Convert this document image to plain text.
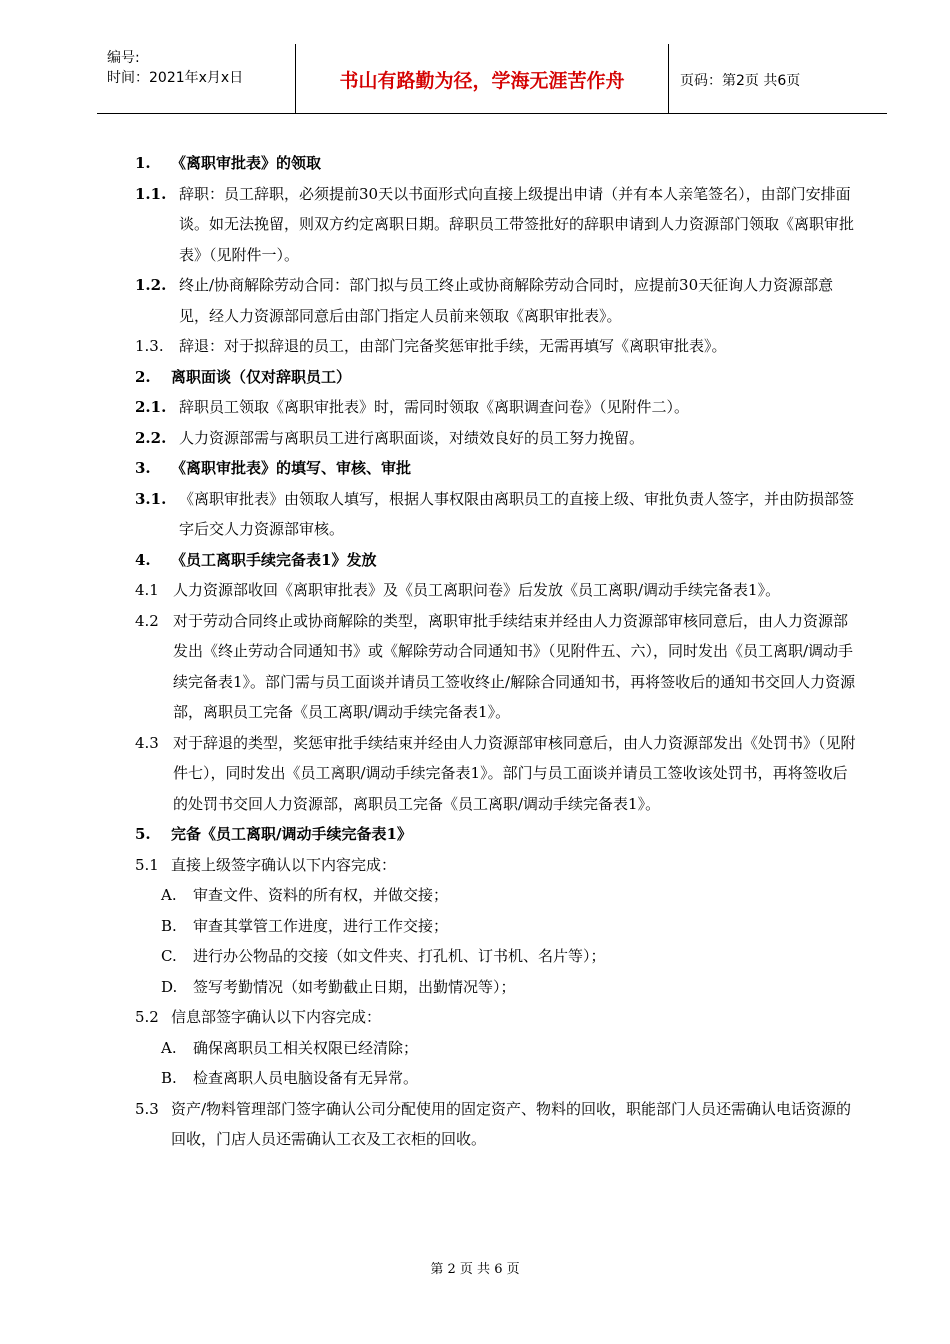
编号:
时间：2021年x月x日	书山有路勤为径，学海无涯苦作舟	页码：第2页 共6页
1.	《离职审批表》的领取
1.1. 辞职：员工辞职，必须提前30天以书面形式向直接上级提出申请（并有本人亲笔签名），由部门安排面谈。如无法挽留，则双方约定离职日期。辞职员工带签批好的辞职申请到人力资源部门领取《离职审批表》（见附件一）。
1.2. 终止/协商解除劳动合同：部门拟与员工终止或协商解除劳动合同时，应提前30天征询人力资源部意见，经人力资源部同意后由部门指定人员前来领取《离职审批表》。
1.3.	辞退：对于拟辞退的员工，由部门完备奖惩审批手续，无需再填写《离职审批表》。
2.	离职面谈（仅对辞职员工）
2.1. 辞职员工领取《离职审批表》时，需同时领取《离职调查问卷》（见附件二）。
2.2. 人力资源部需与离职员工进行离职面谈，对绩效良好的员工努力挽留。
3.	《离职审批表》的填写、审核、审批
3.1. 《离职审批表》由领取人填写，根据人事权限由离职员工的直接上级、审批负责人签字，并由防损部签字后交人力资源部审核。
4.	《员工离职手续完备表1》发放
4.1 人力资源部收回《离职审批表》及《员工离职问卷》后发放《员工离职/调动手续完备表1》。
4.2 对于劳动合同终止或协商解除的类型，离职审批手续结束并经由人力资源部审核同意后，由人力资源部发出《终止劳动合同通知书》或《解除劳动合同通知书》（见附件五、六），同时发出《员工离职/调动手续完备表1》。部门需与员工面谈并请员工签收终止/解除合同通知书，再将签收后的通知书交回人力资源部，离职员工完备《员工离职/调动手续完备表1》。
4.3 对于辞退的类型，奖惩审批手续结束并经由人力资源部审核同意后，由人力资源部发出《处罚书》（见附件七），同时发出《员工离职/调动手续完备表1》。部门与员工面谈并请员工签收该处罚书，再将签收后的处罚书交回人力资源部，离职员工完备《员工离职/调动手续完备表1》。
5.	完备《员工离职/调动手续完备表1》
5.1 直接上级签字确认以下内容完成：
A.	审查文件、资料的所有权，并做交接；
B.	审查其掌管工作进度，进行工作交接；
C.	进行办公物品的交接（如文件夹、打孔机、订书机、名片等）；
D.	签写考勤情况（如考勤截止日期，出勤情况等）；
5.2 信息部签字确认以下内容完成：
A.	确保离职员工相关权限已经清除；
B.	检查离职人员电脑设备有无异常。
5.3 资产/物料管理部门签字确认公司分配使用的固定资产、物料的回收，职能部门人员还需确认电话资源的回收，门店人员还需确认工衣及工衣柜的回收。
第 2 页 共 6 页
